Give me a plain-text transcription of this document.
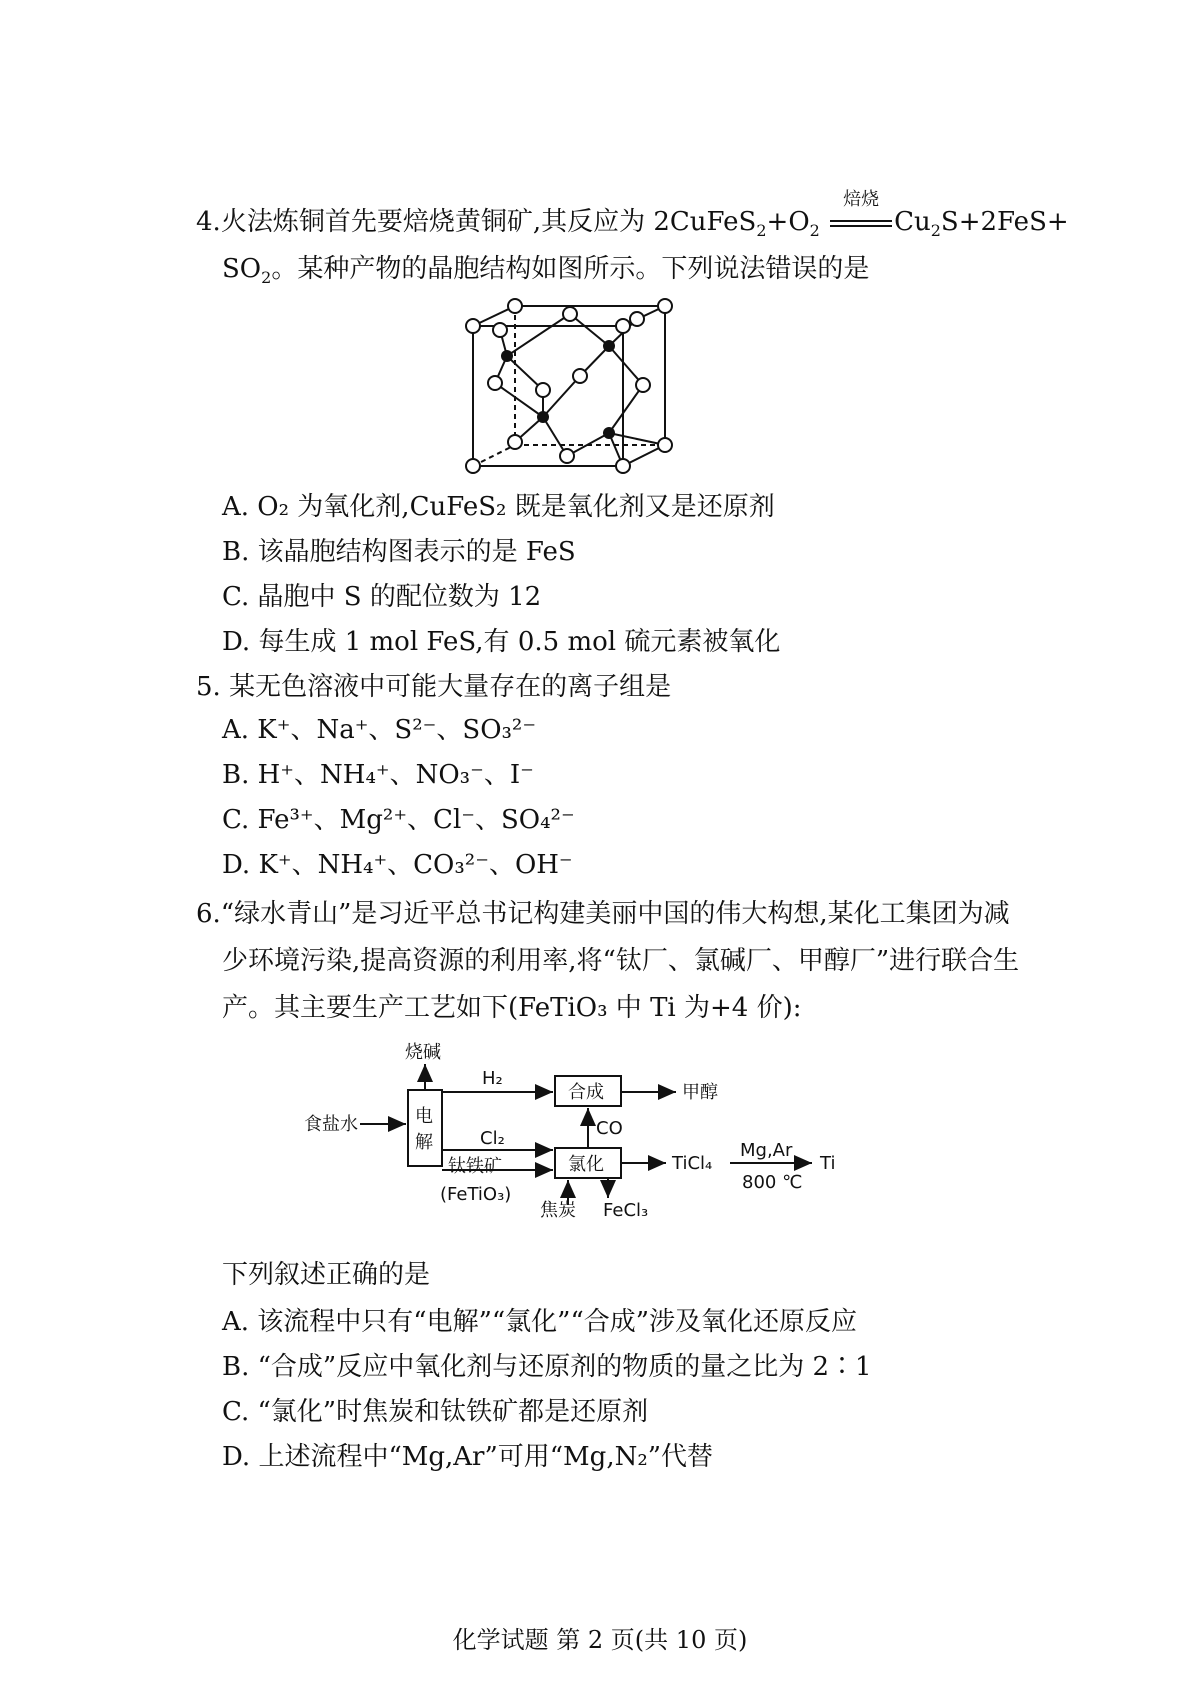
4.火法炼铜首先要焙烧黄铜矿,其反应为 $2CuFeS_2+O_2$
焙烧
$Cu_2S+2FeS+$
$SO_2$。某种产物的晶胞结构如图所示。下列说法错误的是
A. O₂ 为氧化剂,CuFeS₂ 既是氧化剂又是还原剂
B. 该晶胞结构图表示的是 FeS
C. 晶胞中 S 的配位数为 12
D. 每生成 1 mol FeS,有 0.5 mol 硫元素被氧化
5. 某无色溶液中可能大量存在的离子组是
A. K⁺、Na⁺、S²⁻、SO₃²⁻
B. H⁺、NH₄⁺、NO₃⁻、I⁻
C. Fe³⁺、Mg²⁺、Cl⁻、SO₄²⁻
D. K⁺、NH₄⁺、CO₃²⁻、OH⁻
6.“绿水青山”是习近平总书记构建美丽中国的伟大构想,某化工集团为减
少环境污染,提高资源的利用率,将“钛厂、氯碱厂、甲醇厂”进行联合生
产。其主要生产工艺如下(FeTiO₃ 中 Ti 为+4 价):
烧碱
食盐水	电
解
H₂
Cl₂
合成	甲醇
CO
钛铁矿
(FeTiO₃)
氯化
焦炭 FeCl₃
TiCl₄
Mg,Ar
800 ℃
Ti
下列叙述正确的是
A. 该流程中只有“电解”“氯化”“合成”涉及氧化还原反应
B. “合成”反应中氧化剂与还原剂的物质的量之比为 2∶1
C. “氯化”时焦炭和钛铁矿都是还原剂
D. 上述流程中“Mg,Ar”可用“Mg,N₂”代替
化学试题 第 2 页(共 10 页)
